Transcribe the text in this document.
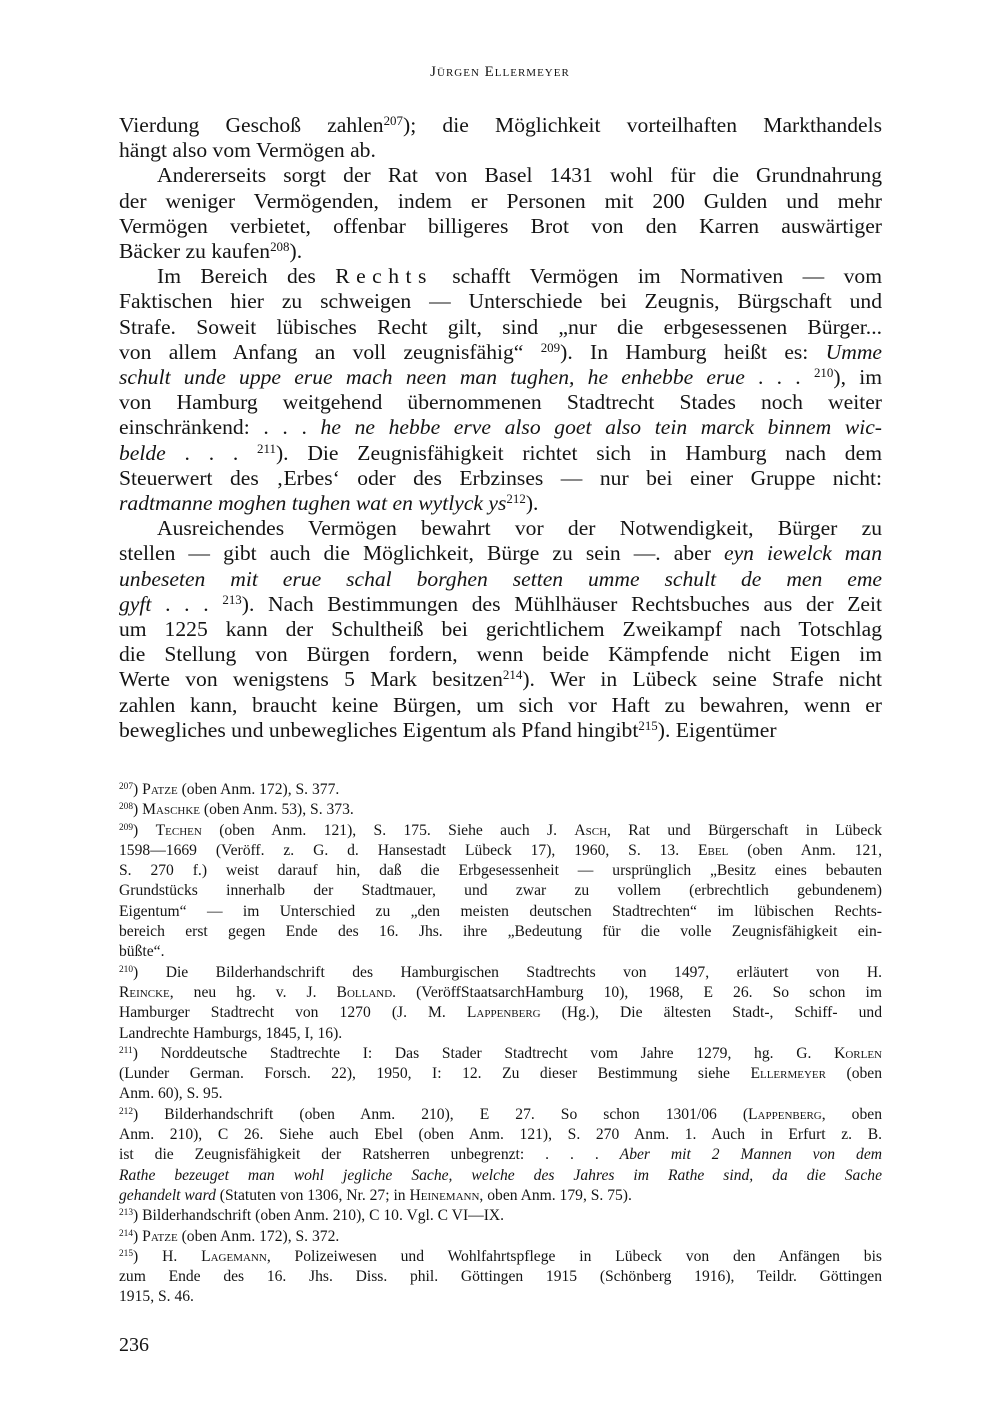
Jürgen Ellermeyer
Vierdung Geschoß zahlen$^{207}$); die Möglichkeit vorteilhaften Markthandels
hängt also vom Vermögen ab.
Andererseits sorgt der Rat von Basel 1431 wohl für die Grundnahrung
der weniger Vermögenden, indem er Personen mit 200 Gulden und mehr
Vermögen verbietet, offenbar billigeres Brot von den Karren auswärtiger
Bäcker zu kaufen$^{208}$).
Im Bereich des Rechts schafft Vermögen im Normativen — vom
Faktischen hier zu schweigen — Unterschiede bei Zeugnis, Bürgschaft und
Strafe. Soweit lübisches Recht gilt, sind „nur die erbgesessenen Bürger...
von allem Anfang an voll zeugnisfähig“ $^{209}$). In Hamburg heißt es: Umme
schult unde uppe erue mach neen man tughen, he enhebbe erue . . . $^{210}$), im
von Hamburg weitgehend übernommenen Stadtrecht Stades noch weiter
einschränkend: . . . he ne hebbe erve also goet also tein marck binnem wic-
belde . . . $^{211}$). Die Zeugnisfähigkeit richtet sich in Hamburg nach dem
Steuerwert des ‚Erbes‘ oder des Erbzinses — nur bei einer Gruppe nicht:
radtmanne moghen tughen wat en wytlyck $ys^{212}$).
Ausreichendes Vermögen bewahrt vor der Notwendigkeit, Bürger zu
stellen — gibt auch die Möglichkeit, Bürge zu sein —. aber eyn iewelck man
unbeseten mit erue schal borghen setten umme schult de men eme
gyft . . . $^{213}$). Nach Bestimmungen des Mühlhäuser Rechtsbuches aus der Zeit
um 1225 kann der Schultheiß bei gerichtlichem Zweikampf nach Totschlag
die Stellung von Bürgen fordern, wenn beide Kämpfende nicht Eigen im
Werte von wenigstens 5 Mark besitzen$^{214}$). Wer in Lübeck seine Strafe nicht
zahlen kann, braucht keine Bürgen, um sich vor Haft zu bewahren, wenn er
bewegliches und unbewegliches Eigentum als Pfand hingibt$^{215}$). Eigentümer
$^{207}$) Patze (oben Anm. 172), S. 377.
$^{208}$) Maschke (oben Anm. 53), S. 373.
$^{209}$) Techen (oben Anm. 121), S. 175. Siehe auch J. Asch, Rat und Bürgerschaft in Lübeck
1598—1669 (Veröff. z. G. d. Hansestadt Lübeck 17), 1960, S. 13. Ebel (oben Anm. 121,
S. 270 f.) weist darauf hin, daß die Erbgesessenheit — ursprünglich „Besitz eines bebauten
Grundstücks innerhalb der Stadtmauer, und zwar zu vollem (erbrechtlich gebundenem)
Eigentum“ — im Unterschied zu „den meisten deutschen Stadtrechten“ im lübischen Rechts-
bereich erst gegen Ende des 16. Jhs. ihre „Bedeutung für die volle Zeugnisfähigkeit ein-
büßte“.
$^{210}$) Die Bilderhandschrift des Hamburgischen Stadtrechts von 1497, erläutert von H.
Reincke, neu hg. v. J. Bolland. (VeröffStaatsarchHamburg 10), 1968, E 26. So schon im
Hamburger Stadtrecht von 1270 (J. M. Lappenberg (Hg.), Die ältesten Stadt-, Schiff- und
Landrechte Hamburgs, 1845, I, 16).
$^{211}$) Norddeutsche Stadtrechte I: Das Stader Stadtrecht vom Jahre 1279, hg. G. Korlen
(Lunder German. Forsch. 22), 1950, I: 12. Zu dieser Bestimmung siehe Ellermeyer (oben
Anm. 60), S. 95.
$^{212}$) Bilderhandschrift (oben Anm. 210), E 27. So schon 1301/06 (Lappenberg, oben
Anm. 210), C 26. Siehe auch Ebel (oben Anm. 121), S. 270 Anm. 1. Auch in Erfurt z. B.
ist die Zeugnisfähigkeit der Ratsherren unbegrenzt: . . . Aber mit 2 Mannen von dem
Rathe bezeuget man wohl jegliche Sache, welche des Jahres im Rathe sind, da die Sache
gehandelt ward (Statuten von 1306, Nr. 27; in Heinemann, oben Anm. 179, S. 75).
$^{213}$) Bilderhandschrift (oben Anm. 210), C 10. Vgl. C VI—IX.
$^{214}$) Patze (oben Anm. 172), S. 372.
$^{215}$) H. Lagemann, Polizeiwesen und Wohlfahrtspflege in Lübeck von den Anfängen bis
zum Ende des 16. Jhs. Diss. phil. Göttingen 1915 (Schönberg 1916), Teildr. Göttingen
1915, S. 46.
236
